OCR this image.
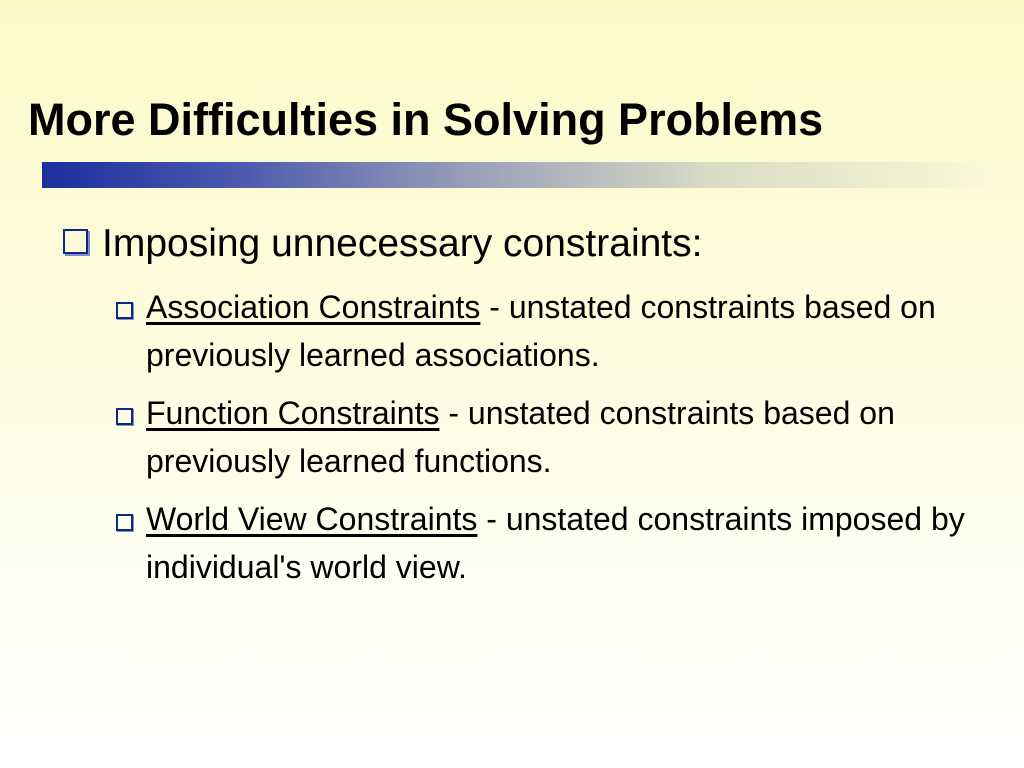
More Difficulties in Solving Problems
Imposing unnecessary constraints:
Association Constraints - unstated constraints based on previously learned associations.
Function Constraints - unstated constraints based on previously learned functions.
World View Constraints - unstated constraints imposed by individual's world view.
